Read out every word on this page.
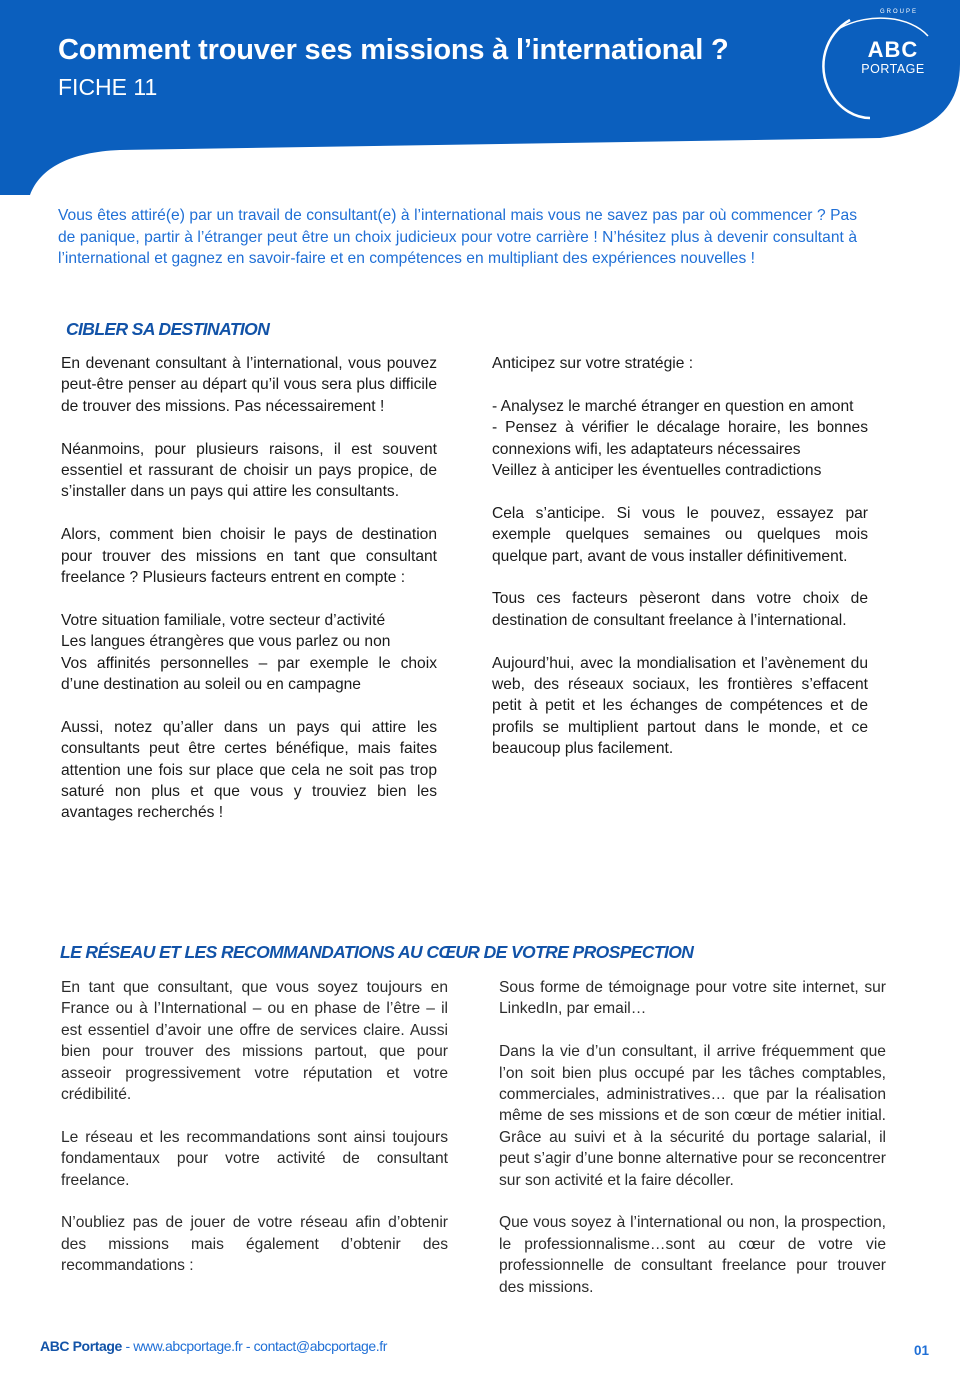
Comment trouver ses missions à l’international ?
FICHE 11
GROUPE
ABC
PORTAGE

Vous êtes attiré(e) par un travail de consultant(e) à l’international mais vous ne savez pas par où commencer ? Pas de panique, partir à l’étranger peut être un choix judicieux pour votre carrière ! N’hésitez plus à devenir consultant à l’international et gagnez en savoir-faire et en compétences en multipliant des expériences nouvelles !

CIBLER SA DESTINATION

En devenant consultant à l’international, vous pouvez peut-être penser au départ qu’il vous sera plus difficile de trouver des missions. Pas nécessairement !

Néanmoins, pour plusieurs raisons, il est souvent essentiel et rassurant de choisir un pays propice, de s’installer dans un pays qui attire les consultants.

Alors, comment bien choisir le pays de destination pour trouver des missions en tant que consultant freelance ? Plusieurs facteurs entrent en compte :

Votre situation familiale, votre secteur d’activité

Les langues étrangères que vous parlez ou non

Vos affinités personnelles – par exemple le choix d’une destination au soleil ou en campagne

Aussi, notez qu’aller dans un pays qui attire les consultants peut être certes bénéfique, mais faites attention une fois sur place que cela ne soit pas trop saturé non plus et que vous y trouviez bien les avantages recherchés !

Anticipez sur votre stratégie :

- Analysez le marché étranger en question en amont

- Pensez à vérifier le décalage horaire, les bonnes connexions wifi, les adaptateurs nécessaires

Veillez à anticiper les éventuelles contradictions

Cela s’anticipe. Si vous le pouvez, essayez par exemple quelques semaines ou quelques mois quelque part, avant de vous installer définitivement.

Tous ces facteurs pèseront dans votre choix de destination de consultant freelance à l’international.

Aujourd’hui, avec la mondialisation et l’avènement du web, des réseaux sociaux, les frontières s’effacent petit à petit et les échanges de compétences et de profils se multiplient partout dans le monde, et ce beaucoup plus facilement.

LE RÉSEAU ET LES RECOMMANDATIONS AU CŒUR DE VOTRE PROSPECTION

En tant que consultant, que vous soyez toujours en France ou à l’International – ou en phase de l’être – il est essentiel d’avoir une offre de services claire. Aussi bien pour trouver des missions partout, que pour asseoir progressivement votre réputation et votre crédibilité.

Le réseau et les recommandations sont ainsi toujours fondamentaux pour votre activité de consultant freelance.

N’oubliez pas de jouer de votre réseau afin d’obtenir des missions mais également d’obtenir des recommandations :

Sous forme de témoignage pour votre site internet, sur LinkedIn, par email…

Dans la vie d’un consultant, il arrive fréquemment que l’on soit bien plus occupé par les tâches comptables, commerciales, administratives… que par la réalisation même de ses missions et de son cœur de métier initial. Grâce au suivi et à la sécurité du portage salarial, il peut s’agir d’une bonne alternative pour se reconcentrer sur son activité et la faire décoller.

Que vous soyez à l’international ou non, la prospection, le professionnalisme…sont au cœur de votre vie professionnelle de consultant freelance pour trouver des missions.

ABC Portage - www.abcportage.fr - contact@abcportage.fr	01
